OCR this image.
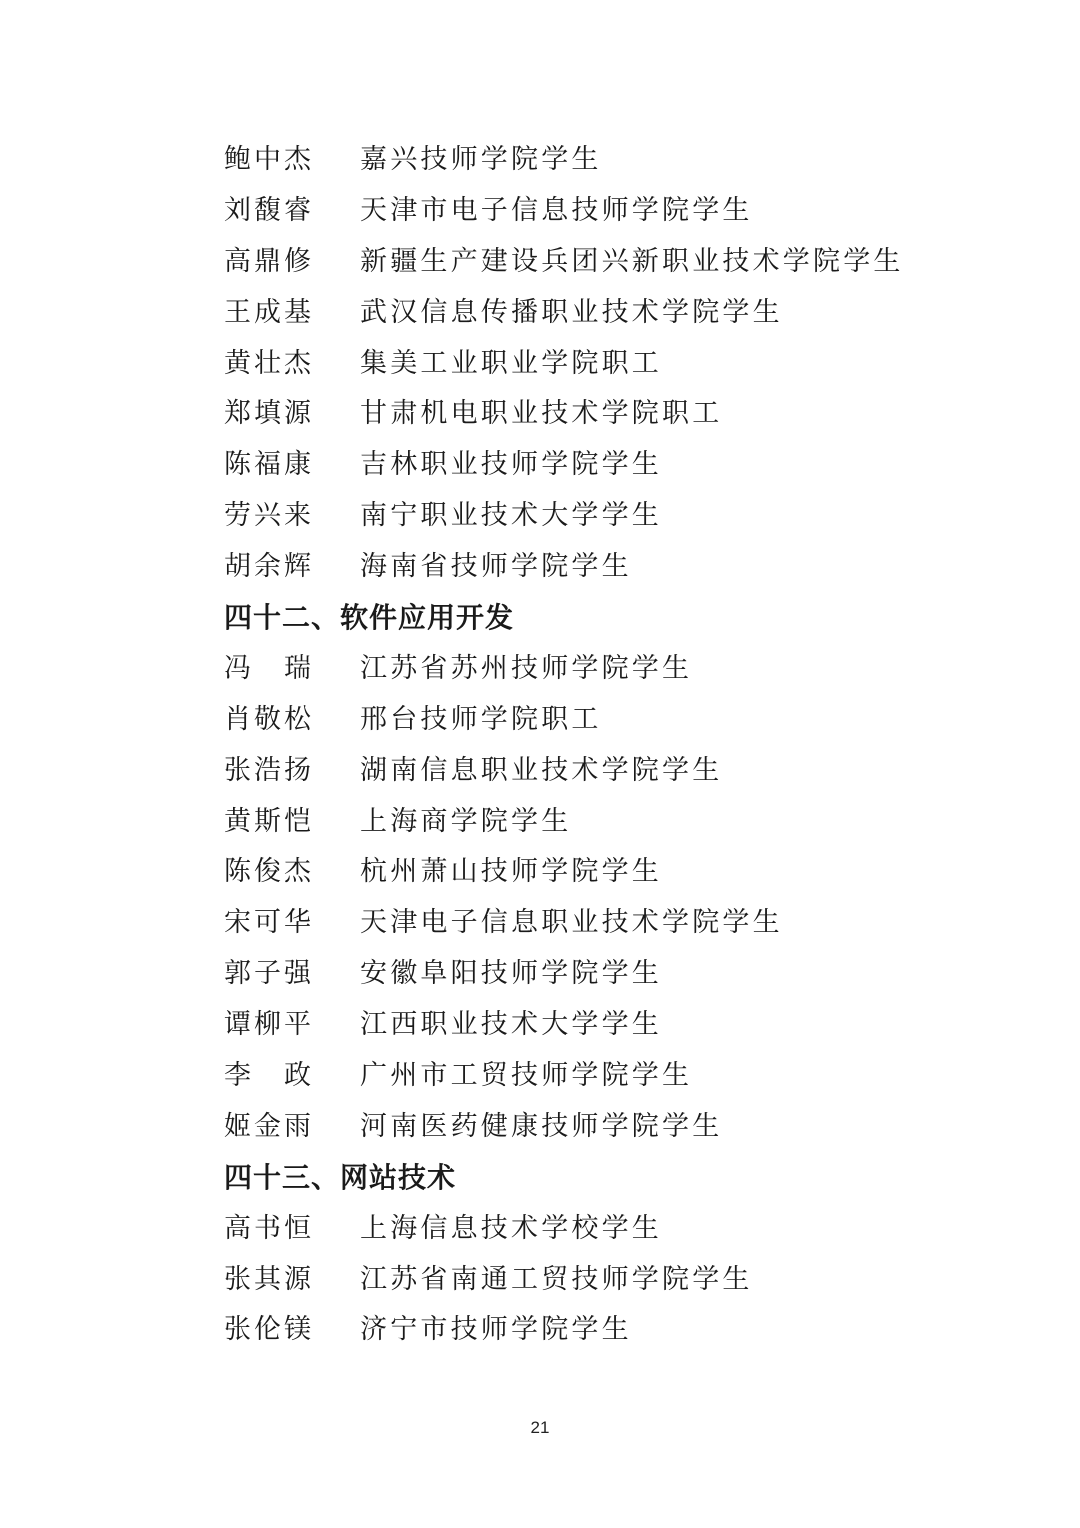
鲍中杰	嘉兴技师学院学生
刘馥睿	天津市电子信息技师学院学生
高鼎修	新疆生产建设兵团兴新职业技术学院学生
王成基	武汉信息传播职业技术学院学生
黄壮杰	集美工业职业学院职工
郑填源	甘肃机电职业技术学院职工
陈福康	吉林职业技师学院学生
劳兴来	南宁职业技术大学学生
胡余辉	海南省技师学院学生
四十二、软件应用开发
冯　瑞	江苏省苏州技师学院学生
肖敬松	邢台技师学院职工
张浩扬	湖南信息职业技术学院学生
黄斯恺	上海商学院学生
陈俊杰	杭州萧山技师学院学生
宋可华	天津电子信息职业技术学院学生
郭子强	安徽阜阳技师学院学生
谭柳平	江西职业技术大学学生
李　政	广州市工贸技师学院学生
姬金雨	河南医药健康技师学院学生
四十三、网站技术
高书恒	上海信息技术学校学生
张其源	江苏省南通工贸技师学院学生
张伦镁	济宁市技师学院学生
21
